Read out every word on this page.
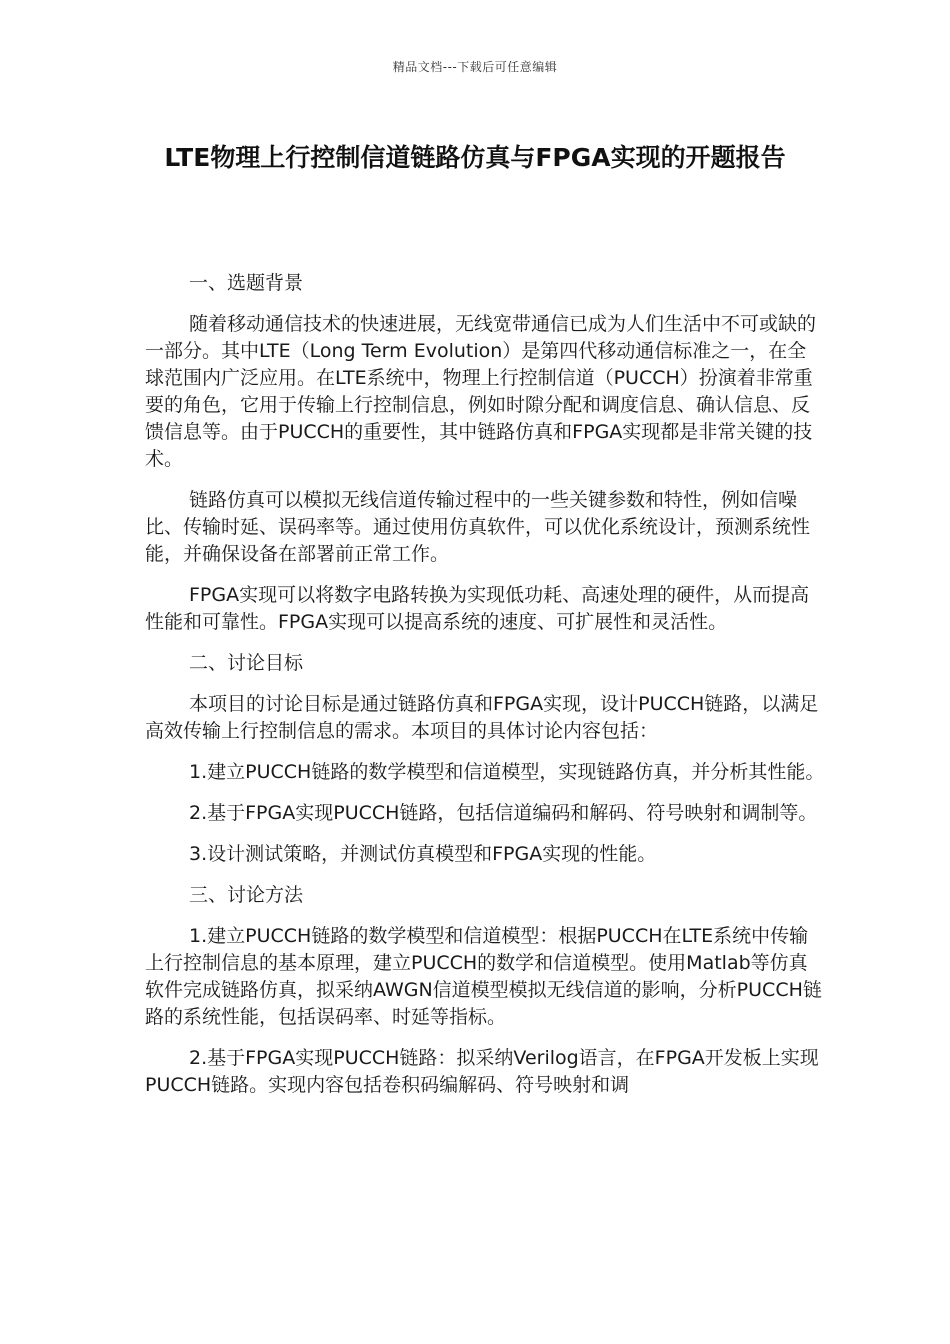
精品文档---下载后可任意编辑
LTE物理上行控制信道链路仿真与FPGA实现的开题报告
一、选题背景

随着移动通信技术的快速进展，无线宽带通信已成为人们生活中不可或缺的一部分。其中LTE（Long Term Evolution）是第四代移动通信标准之一，在全球范围内广泛应用。在LTE系统中，物理上行控制信道（PUCCH）扮演着非常重要的角色，它用于传输上行控制信息，例如时隙分配和调度信息、确认信息、反馈信息等。由于PUCCH的重要性，其中链路仿真和FPGA实现都是非常关键的技术。

链路仿真可以模拟无线信道传输过程中的一些关键参数和特性，例如信噪比、传输时延、误码率等。通过使用仿真软件，可以优化系统设计，预测系统性能，并确保设备在部署前正常工作。

FPGA实现可以将数字电路转换为实现低功耗、高速处理的硬件，从而提高性能和可靠性。FPGA实现可以提高系统的速度、可扩展性和灵活性。

二、讨论目标

本项目的讨论目标是通过链路仿真和FPGA实现，设计PUCCH链路，以满足高效传输上行控制信息的需求。本项目的具体讨论内容包括：

1.建立PUCCH链路的数学模型和信道模型，实现链路仿真，并分析其性能。

2.基于FPGA实现PUCCH链路，包括信道编码和解码、符号映射和调制等。

3.设计测试策略，并测试仿真模型和FPGA实现的性能。

三、讨论方法

1.建立PUCCH链路的数学模型和信道模型：根据PUCCH在LTE系统中传输上行控制信息的基本原理，建立PUCCH的数学和信道模型。使用Matlab等仿真软件完成链路仿真，拟采纳AWGN信道模型模拟无线信道的影响，分析PUCCH链路的系统性能，包括误码率、时延等指标。

2.基于FPGA实现PUCCH链路：拟采纳Verilog语言，在FPGA开发板上实现PUCCH链路。实现内容包括卷积码编解码、符号映射和调
